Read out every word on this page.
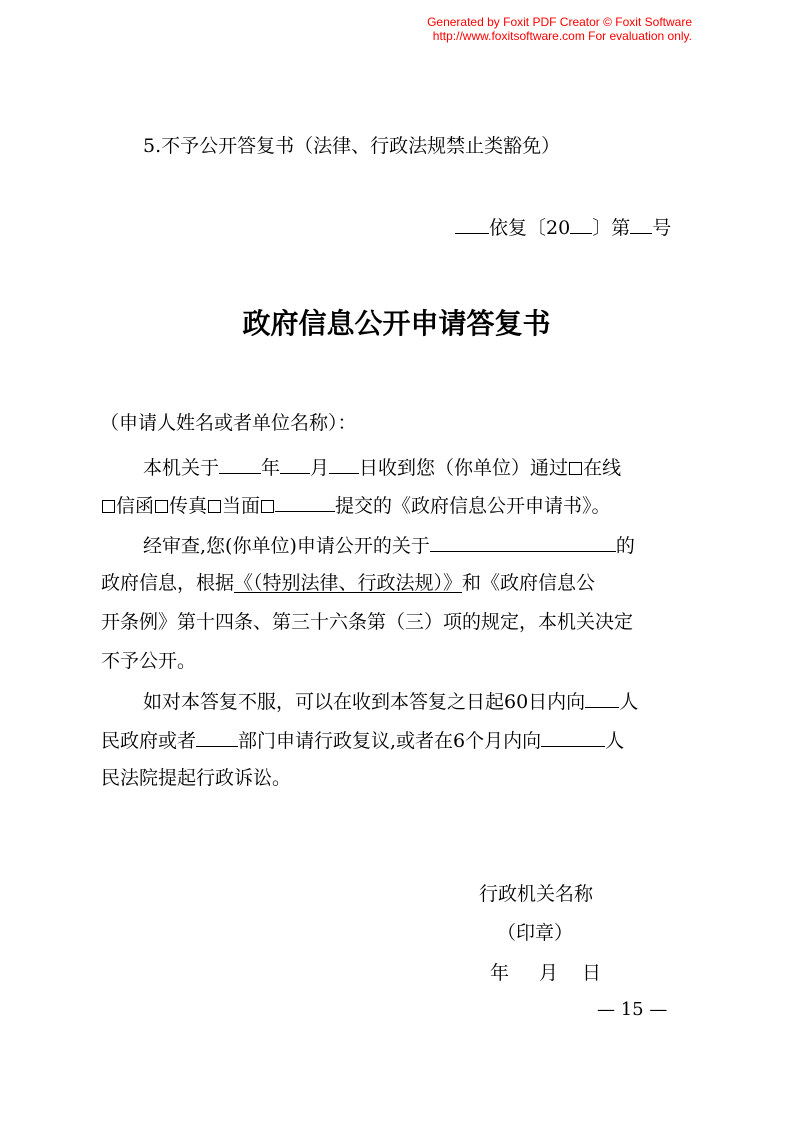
Generated by Foxit PDF Creator © Foxit Software
http://www.foxitsoftware.com For evaluation only.
5.不予公开答复书（法律、行政法规禁止类豁免）
依复〔20 〕第 号
政府信息公开申请答复书
（申请人姓名或者单位名称）：
本机关于 年 月 日收到您（你单位）通过 在线
信函 传真 当面	提交的《政府信息公开申请书》。
经审查,您(你单位)申请公开的关于	的
政府信息，根据《（特别法律、行政法规）》和《政府信息公
开条例》第十四条、第三十六条第（三）项的规定，本机关决定
不予公开。
如对本答复不服，可以在收到本答复之日起60日内向 人
民政府或者 部门申请行政复议,或者在6个月内向	人
民法院提起行政诉讼。
行政机关名称
（印章）
年 月 日
— 15 —
